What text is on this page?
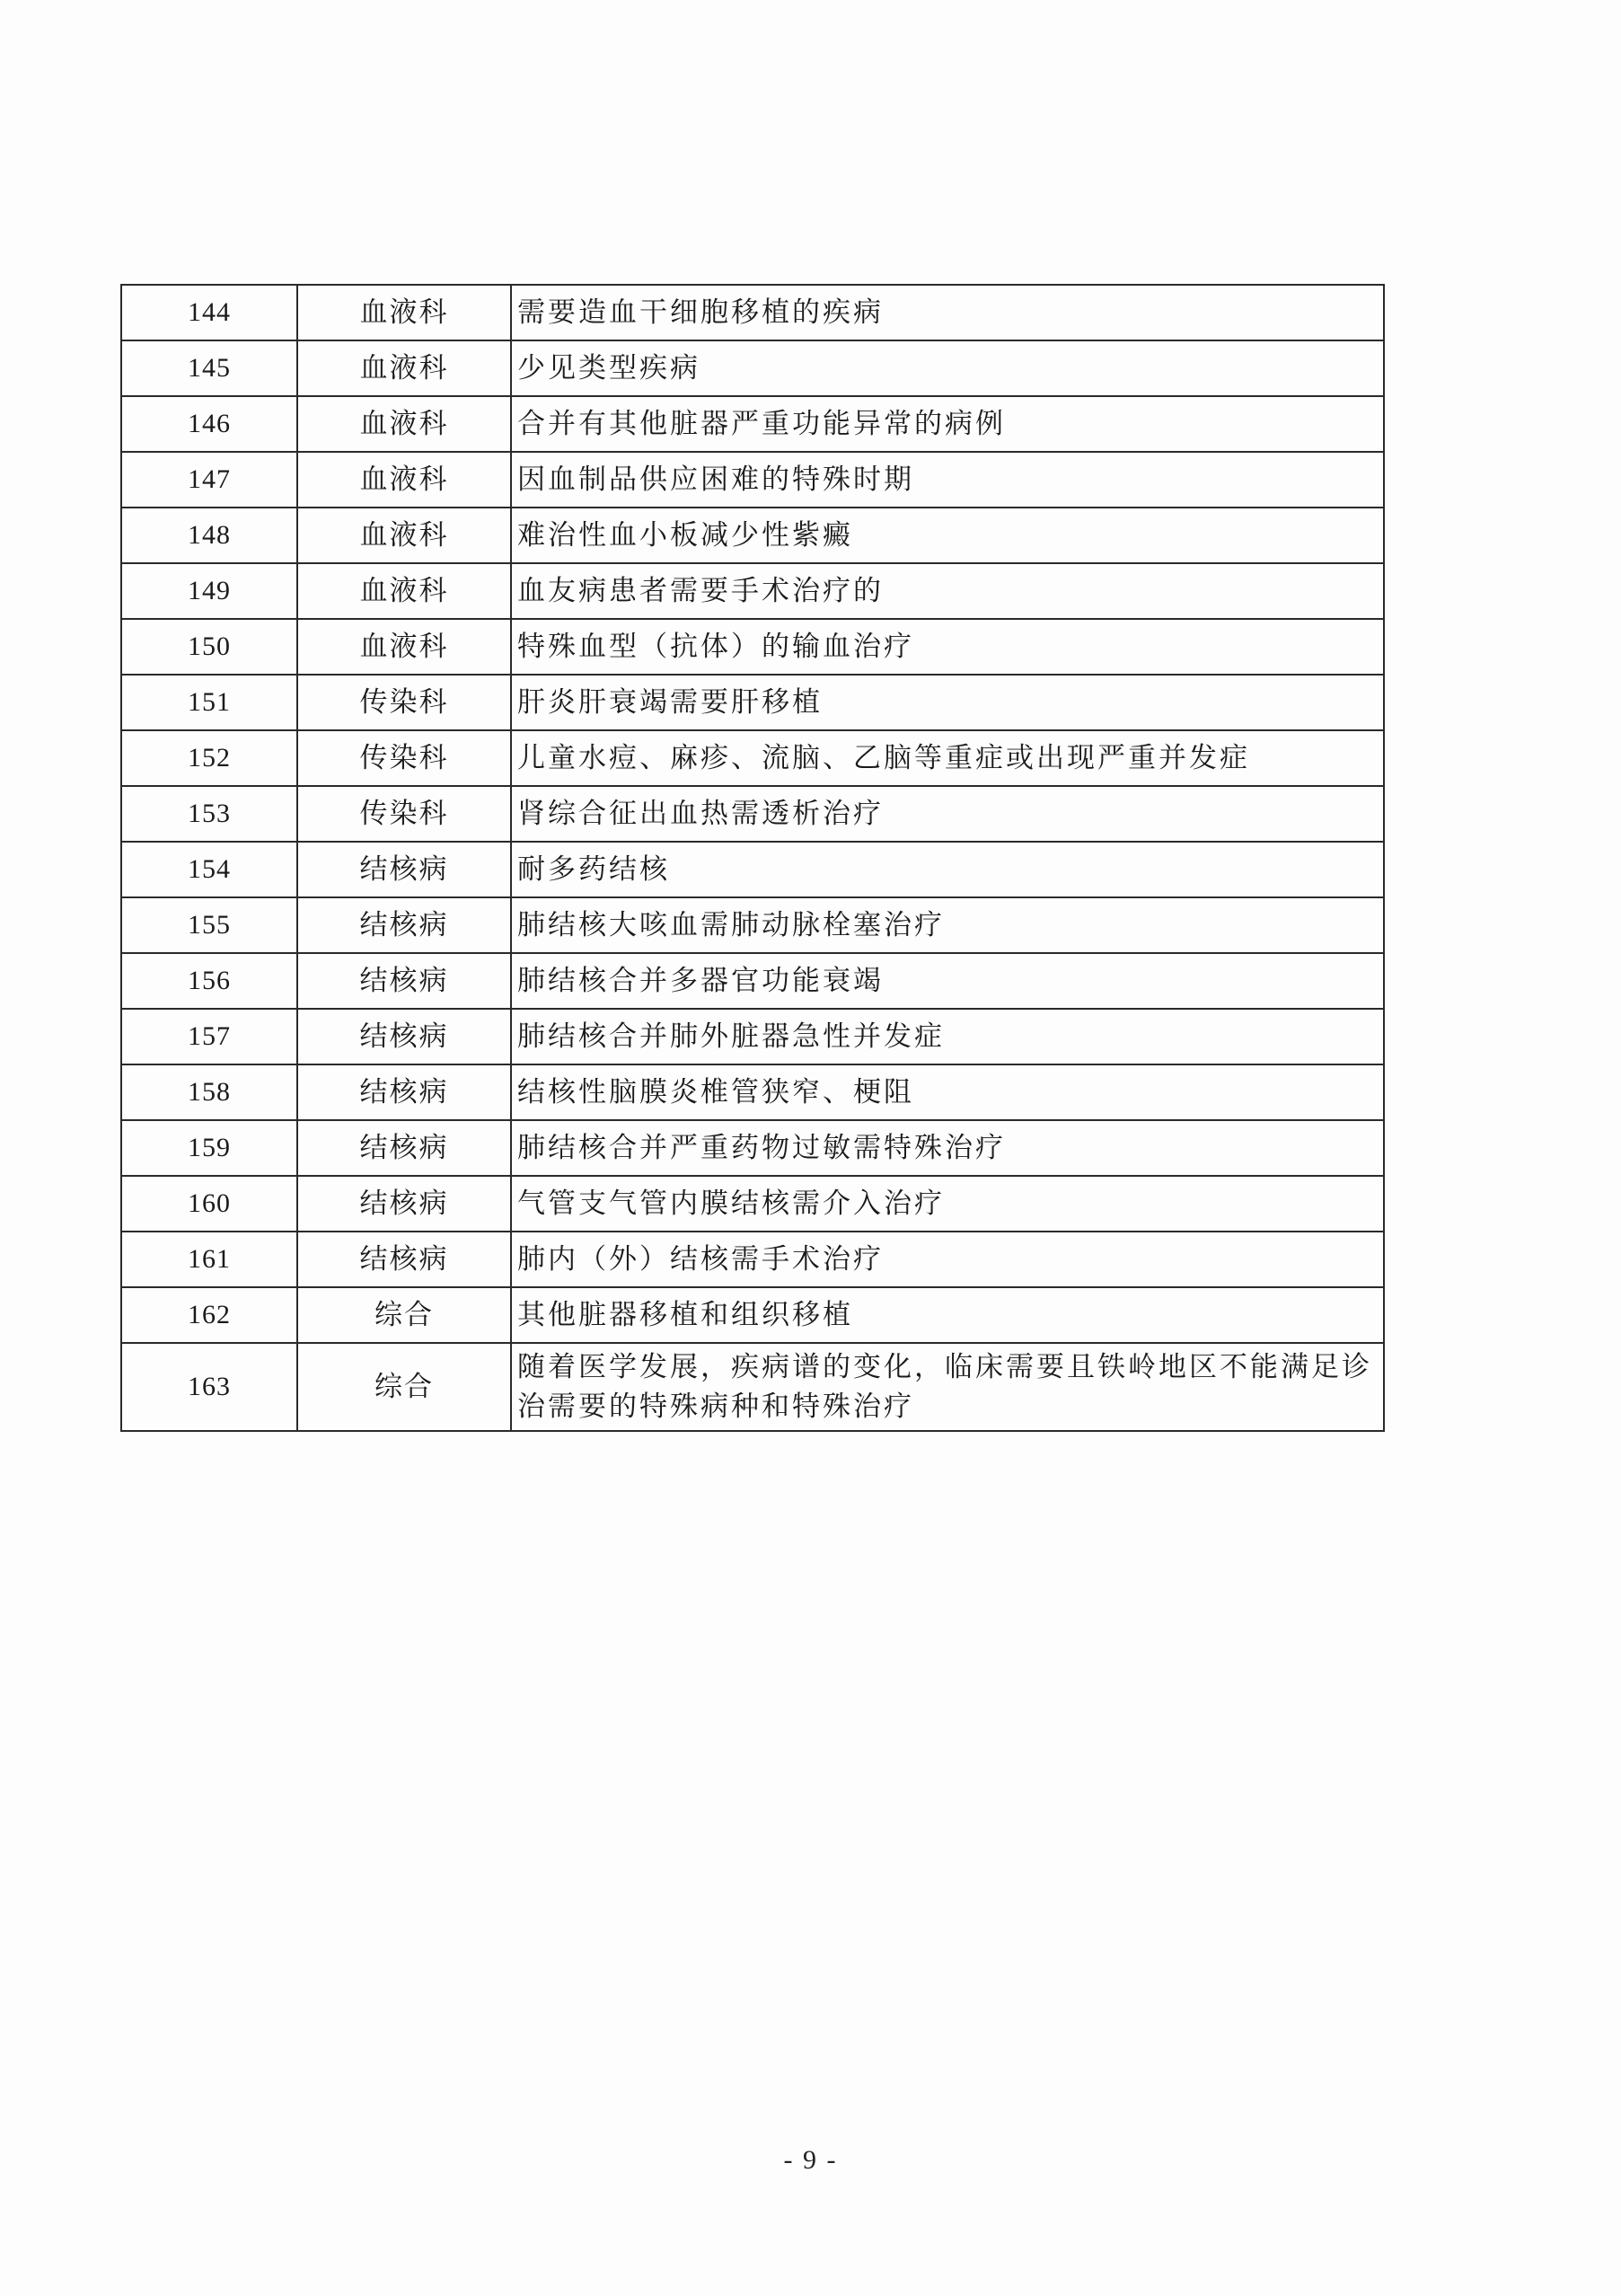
144	血液科	需要造血干细胞移植的疾病
145	血液科	少见类型疾病
146	血液科	合并有其他脏器严重功能异常的病例
147	血液科	因血制品供应困难的特殊时期
148	血液科	难治性血小板减少性紫癜
149	血液科	血友病患者需要手术治疗的
150	血液科	特殊血型（抗体）的输血治疗
151	传染科	肝炎肝衰竭需要肝移植
152	传染科	儿童水痘、麻疹、流脑、乙脑等重症或出现严重并发症
153	传染科	肾综合征出血热需透析治疗
154	结核病	耐多药结核
155	结核病	肺结核大咳血需肺动脉栓塞治疗
156	结核病	肺结核合并多器官功能衰竭
157	结核病	肺结核合并肺外脏器急性并发症
158	结核病	结核性脑膜炎椎管狭窄、梗阻
159	结核病	肺结核合并严重药物过敏需特殊治疗
160	结核病	气管支气管内膜结核需介入治疗
161	结核病	肺内（外）结核需手术治疗
162	综合	其他脏器移植和组织移植
163	综合	随着医学发展，疾病谱的变化，临床需要且铁岭地区不能满足诊治需要的特殊病种和特殊治疗
- 9 -
